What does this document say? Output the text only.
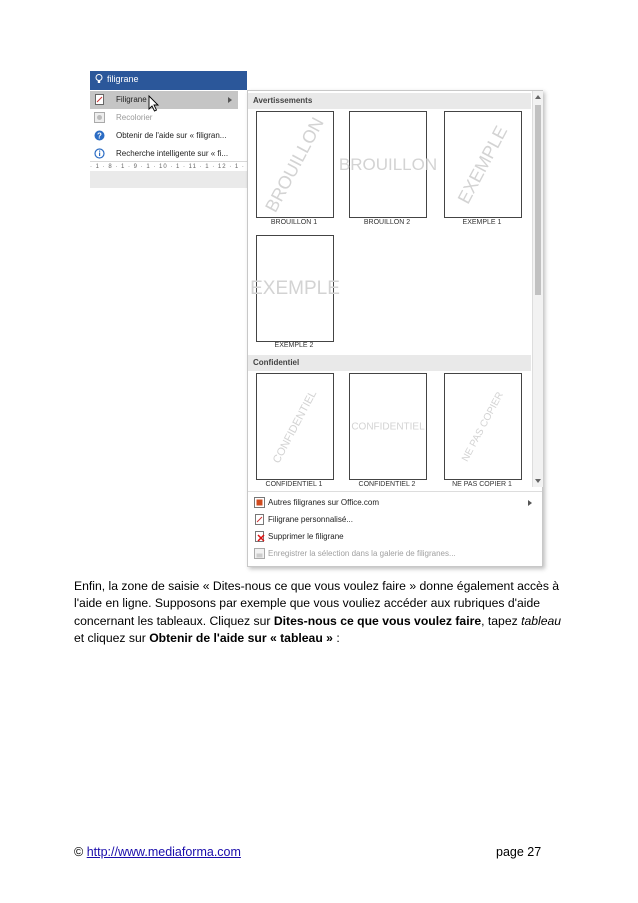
filigrane
Filigrane
Recolorier
? Obtenir de l'aide sur « filigran...
Recherche intelligente sur « fi...
· 1 · 8 · 1 · 9 · 1 · 10 · 1 · 11 · 1 · 12 · 1 ·
Avertissements
BROUILLON
BROUILLON 1
BROUILLON
BROUILLON 2
EXEMPLE
EXEMPLE 1
EXEMPLE
EXEMPLE 2
Confidentiel
CONFIDENTIEL
CONFIDENTIEL 1
CONFIDENTIEL
CONFIDENTIEL 2
NE PAS COPIER
NE PAS COPIER 1
Autres filigranes sur Office.com
Filigrane personnalisé...
Supprimer le filigrane
Enregistrer la sélection dans la galerie de filigranes...
Enfin, la zone de saisie « Dites-nous ce que vous voulez faire » donne également accès à l'aide en ligne. Supposons par exemple que vous vouliez accéder aux rubriques d'aide concernant les tableaux. Cliquez sur Dites-nous ce que vous voulez faire, tapez tableau et cliquez sur Obtenir de l'aide sur « tableau » :
© http://www.mediaforma.com	page 27
